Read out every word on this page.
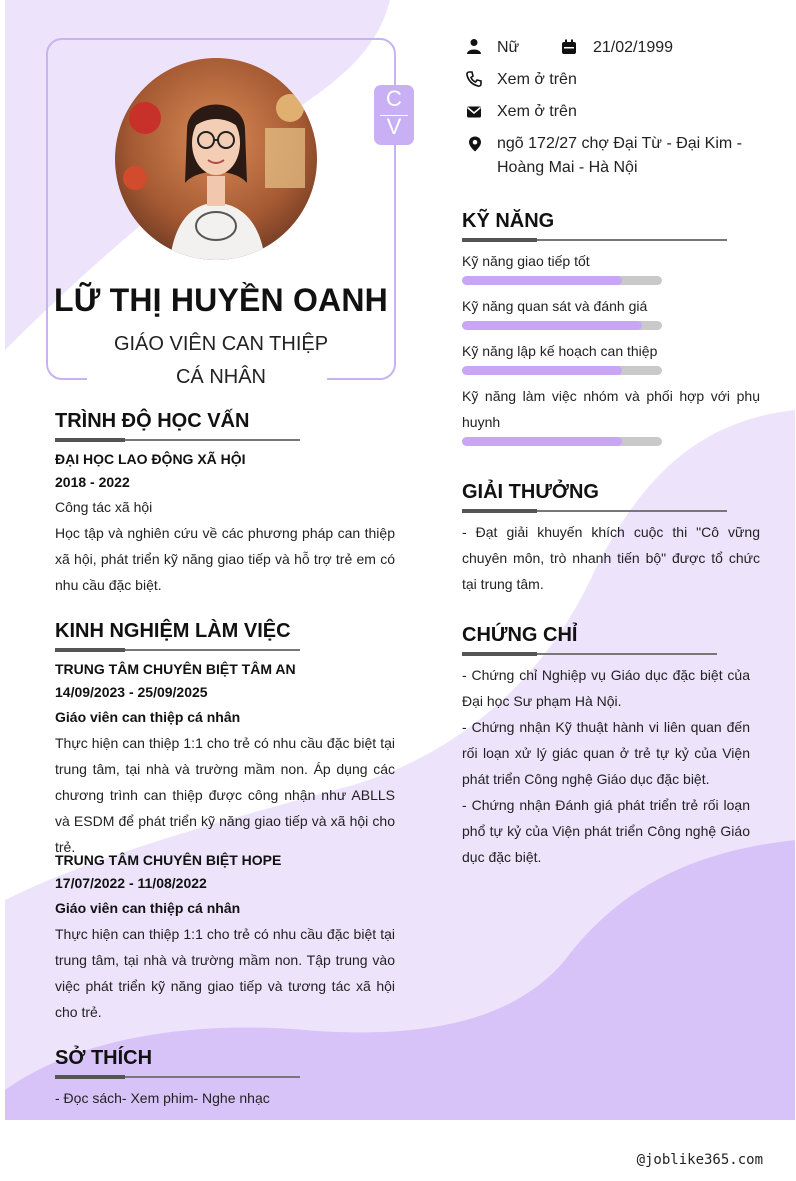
C
V
LỮ THỊ HUYỀN OANH
GIÁO VIÊN CAN THIỆP
CÁ NHÂN
TRÌNH ĐỘ HỌC VẤN
ĐẠI HỌC LAO ĐỘNG XÃ HỘI
2018 - 2022
Công tác xã hội
Học tập và nghiên cứu về các phương pháp can thiệp xã hội, phát triển kỹ năng giao tiếp và hỗ trợ trẻ em có nhu cầu đặc biệt.
KINH NGHIỆM LÀM VIỆC
TRUNG TÂM CHUYÊN BIỆT TÂM AN
14/09/2023 - 25/09/2025
Giáo viên can thiệp cá nhân
Thực hiện can thiệp 1:1 cho trẻ có nhu cầu đặc biệt tại trung tâm, tại nhà và trường mầm non. Áp dụng các chương trình can thiệp được công nhận như ABLLS và ESDM để phát triển kỹ năng giao tiếp và xã hội cho trẻ.
TRUNG TÂM CHUYÊN BIỆT HOPE
17/07/2022 - 11/08/2022
Giáo viên can thiệp cá nhân
Thực hiện can thiệp 1:1 cho trẻ có nhu cầu đặc biệt tại trung tâm, tại nhà và trường mầm non. Tập trung vào việc phát triển kỹ năng giao tiếp và tương tác xã hội cho trẻ.
SỞ THÍCH
- Đọc sách- Xem phim- Nghe nhạc
Nữ	21/02/1999
Xem ở trên
Xem ở trên
ngõ 172/27 chợ Đại Từ - Đại Kim -
Hoàng Mai - Hà Nội
KỸ NĂNG
Kỹ năng giao tiếp tốt
Kỹ năng quan sát và đánh giá
Kỹ năng lập kế hoạch can thiệp
Kỹ năng làm việc nhóm và phối hợp với phụ huynh
GIẢI THƯỞNG
- Đạt giải khuyến khích cuộc thi "Cô vững chuyên môn, trò nhanh tiến bộ" được tổ chức tại trung tâm.
CHỨNG CHỈ
- Chứng chỉ Nghiệp vụ Giáo dục đặc biệt của Đại học Sư phạm Hà Nội.
- Chứng nhận Kỹ thuật hành vi liên quan đến rối loạn xử lý giác quan ở trẻ tự kỷ của Viện phát triển Công nghệ Giáo dục đặc biệt.
- Chứng nhận Đánh giá phát triển trẻ rối loạn phổ tự kỷ của Viện phát triển Công nghệ Giáo dục đặc biệt.
@joblike365.com
